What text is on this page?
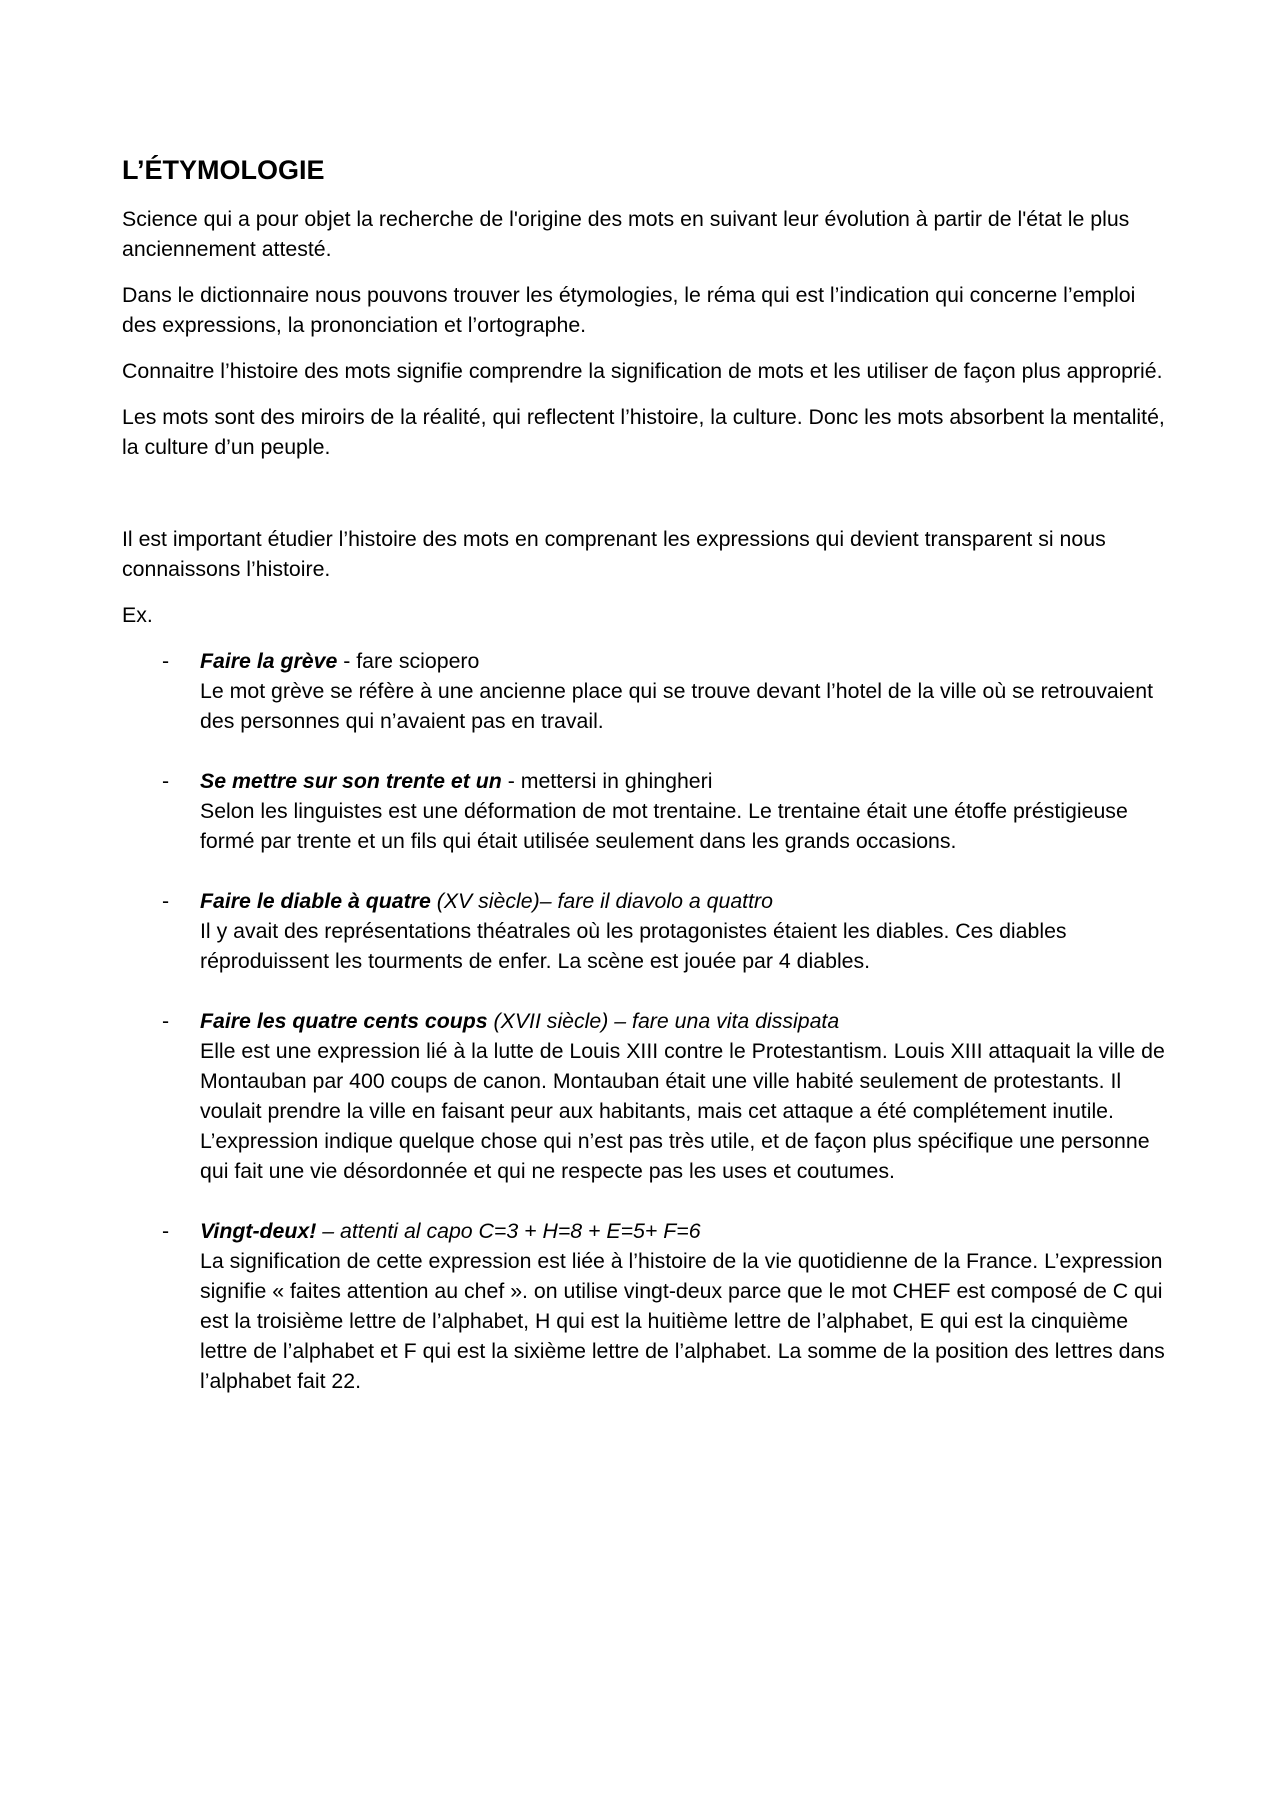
L’ÉTYMOLOGIE

Science qui a pour objet la recherche de l'origine des mots en suivant leur évolution à partir de l'état le plus anciennement attesté.

Dans le dictionnaire nous pouvons trouver les étymologies, le réma qui est l’indication qui concerne l’emploi des expressions, la prononciation et l’ortographe.

Connaitre l’histoire des mots signifie comprendre la signification de mots et les utiliser de façon plus approprié.

Les mots sont des miroirs de la réalité, qui reflectent l’histoire, la culture. Donc les mots absorbent la mentalité, la culture d’un peuple.

Il est important étudier l’histoire des mots en comprenant les expressions qui devient transparent si nous connaissons l’histoire.

Ex.

- Faire la grève - fare sciopero
Le mot grève se réfère à une ancienne place qui se trouve devant l’hotel de la ville où se retrouvaient des personnes qui n’avaient pas en travail.
- Se mettre sur son trente et un - mettersi in ghingheri
Selon les linguistes est une déformation de mot trentaine. Le trentaine était une étoffe préstigieuse formé par trente et un fils qui était utilisée seulement dans les grands occasions.
- Faire le diable à quatre (XV siècle)– fare il diavolo a quattro
Il y avait des représentations théatrales où les protagonistes étaient les diables. Ces diables réproduissent les tourments de enfer. La scène est jouée par 4 diables.
- Faire les quatre cents coups (XVII siècle) – fare una vita dissipata
Elle est une expression lié à la lutte de Louis XIII contre le Protestantism. Louis XIII attaquait la ville de Montauban par 400 coups de canon. Montauban était une ville habité seulement de protestants. Il voulait prendre la ville en faisant peur aux habitants, mais cet attaque a été complétement inutile.
L’expression indique quelque chose qui n’est pas très utile, et de façon plus spécifique une personne qui fait une vie désordonnée et qui ne respecte pas les uses et coutumes.
- Vingt-deux! – attenti al capo C=3 + H=8 + E=5+ F=6
La signification de cette expression est liée à l’histoire de la vie quotidienne de la France. L’expression signifie « faites attention au chef ». on utilise vingt-deux parce que le mot CHEF est composé de C qui est la troisième lettre de l’alphabet, H qui est la huitième lettre de l’alphabet, E qui est la cinquième lettre de l’alphabet et F qui est la sixième lettre de l’alphabet. La somme de la position des lettres dans l’alphabet fait 22.
